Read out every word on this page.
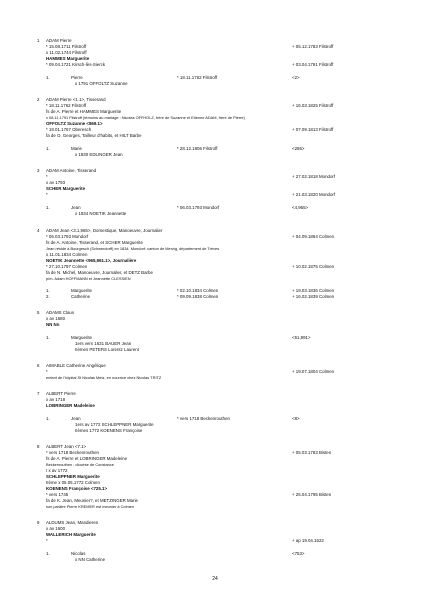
24
1 ADAM Pierre
* 15.08.1711 Filstroff	+ 05.12.1783 Filstroff
x 11.02.1744 Filstroff
HAMMES Marguerite
* 09.04.1721 Kirsch-lès-Sierck	+ 03.04.1791 Filstroff
1.	Pierre	* 18.11.1762 Filstroff	<2>
x 1791 OFFOLTZ Suzanne
2 ADAM Pierre <1.1>, Tisserand
* 18.11.1762 Filstroff	+ 16.03.1825 Filstroff
fs de A. Pierre et HAMMES Marguerite
x 08.11.1791 Filstroff (témoins au mariage : Nicolas OFFHOLZ, frère de Suzanne et Etienne ADAM, frère de Pierre)
OFFOLTZ Suzanne <869.1>
* 18.01.1767 Oberesch	+ 07.09.1813 Filstroff
fa de O. Georges, Tailleur d'habits, et HILT Barbe
1.	Marie	* 28.12.1806 Filstroff	<286>
x 1830 EDLINGER Jean
3 ADAM Antoine, Tisserand
*	+ 27.02.1818 Mondorf
x av 1793
SCHER Marguerite
*	+ 21.03.1820 Mondorf
1.	Jean	* 06.03.1793 Mondorf	<4,965>
x 1834 NOETIK Jeannette
4 ADAM Jean <3.1,965>, Domestique, Manoeuvre, Journalier
* 06.03.1793 Mondorf	+ 04.09.1864 Colmen
fs de A. Antoine, Tisserand, et SCHER Marguerite
Jean réside à Bourgesch (Schwerdorff) en 1834. Mondorf: canton de Merzig, département de Trèves
x 11.01.1834 Colmen
NOETIK Jeannette <965,961.1>, Journalière
* 27.10.1797 Colmen	+ 10.02.1875 Colmen
fa de N. Michel, Manoeuvre, Journalier, et DETZ Barbe
p/m. Adam HOFFMANN et Jeannette CLESSIEN
1.	Marguerite	* 02.10.1834 Colmen	+ 19.03.1836 Colmen
2.	Catherine	* 09.09.1838 Colmen	+ 16.02.1839 Colmen
5 ADAMS Claus
x av 1580
NN Nn
1.	Marguerite	<51,991>
1ers vers 1631 BAUER Jean
IIèmes PETERS Lorentz Laurent
6 AIMABLE Catherine Angélique
*	+ 19.07.1804 Colmen
enfant de l'hôpital St Nicolas Metz, en nourrice chez Nicolas TRITZ
7 ALBERT Pierre
x av 1718
LOBRINGER Madeleine
1.	Jean	* vers 1718 Beckenrouthen	<8>
1ers av 1772 SCHLEPPNER Marguerite
IIèmes 1772 KOENENS Françoise
8 ALBERT Jean <7.1>
* vers 1718 Beckenrouthen	+ 05.03.1783 Bisten
fs de A. Pierre et LOBRINGER Madeleine
Beckenrouthen : diocèse de Constance
I x av 1772
SCHLEPPNER Marguerite
IIème x 05.05.1772 Colmen
KOENENS Françoise <725.1>
* vers 1745	+ 25.04.1795 Bisten
fa de K. Jean, Meunier?, et METZINGER Marie
son parâtre Pierre KREMER est meunier à Colmen
9 ALDUMS Jean, Mandieren
x av 1600
WALLERICH Marguerite
*	+ ap 19.04.1622
1.	Nicolas	<753>
x NN Catherine
